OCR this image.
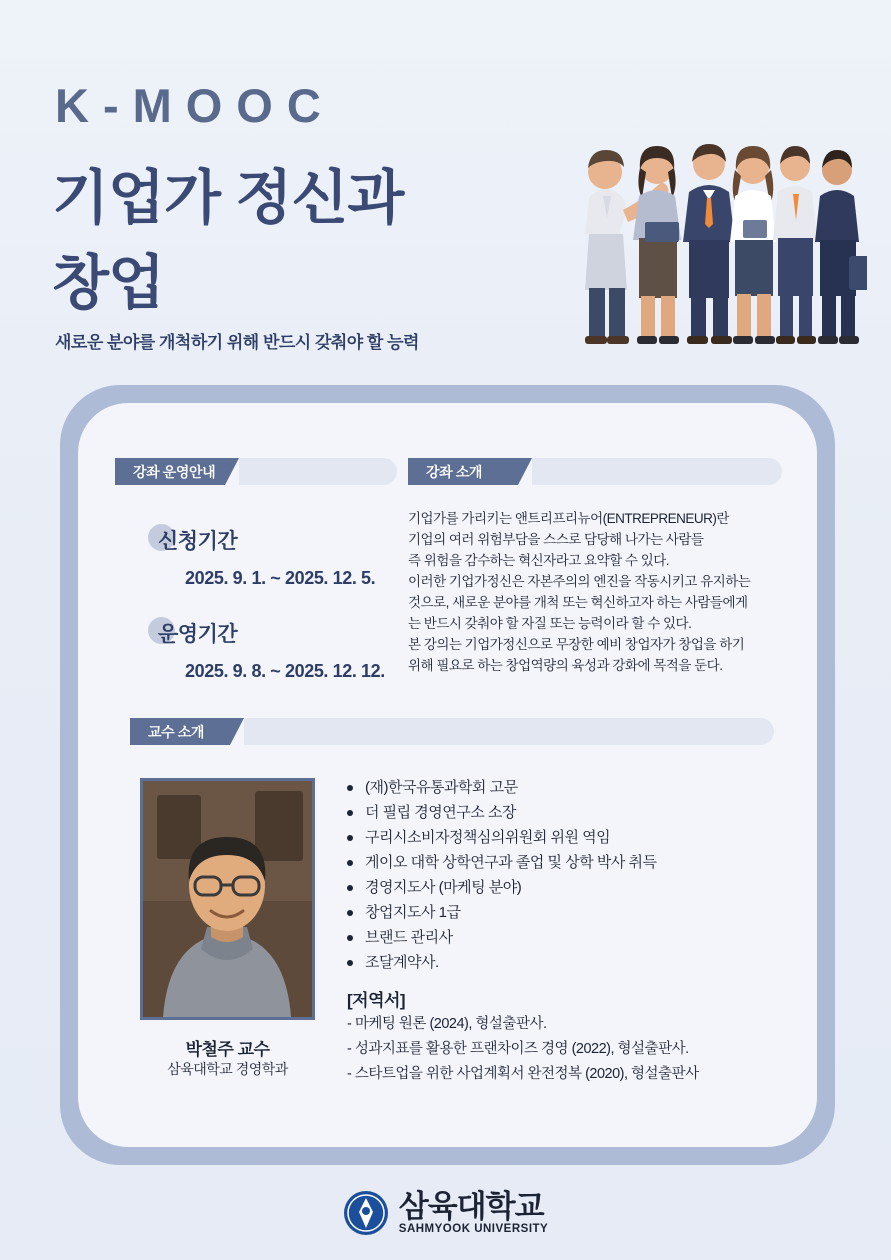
K-MOOC
기업가 정신과
창업
새로운 분야를 개척하기 위해 반드시 갖춰야 할 능력
강좌 운영안내
신청기간
2025. 9. 1. ~ 2025. 12. 5.
운영기간
2025. 9. 8. ~ 2025. 12. 12.
강좌 소개

기업가를 가리키는 앤트리프리뉴어(ENTREPRENEUR)란

기업의 여러 위험부담을 스스로 담당해 나가는 사람들

즉 위험을 감수하는 혁신자라고 요약할 수 있다.

이러한 기업가정신은 자본주의의 엔진을 작동시키고 유지하는

것으로, 새로운 분야를 개척 또는 혁신하고자 하는 사람들에게

는 반드시 갖춰야 할 자질 또는 능력이라 할 수 있다.

본 강의는 기업가정신으로 무장한 예비 창업자가 창업을 하기

위해 필요로 하는 창업역량의 육성과 강화에 목적을 둔다.

교수 소개
박철주 교수
삼육대학교 경영학과
(재)한국유통과학회 고문
더 필립 경영연구소 소장
구리시소비자정책심의위원회 위원 역임
게이오 대학 상학연구과 졸업 및 상학 박사 취득
경영지도사 (마케팅 분야)
창업지도사 1급
브랜드 관리사
조달계약사.
[저역서]
- 마케팅 원론 (2024), 형설출판사.
- 성과지표를 활용한 프랜차이즈 경영 (2022), 형설출판사.
- 스타트업을 위한 사업계획서 완전정복 (2020), 형설출판사
삼육대학교
SAHMYOOK UNIVERSITY
